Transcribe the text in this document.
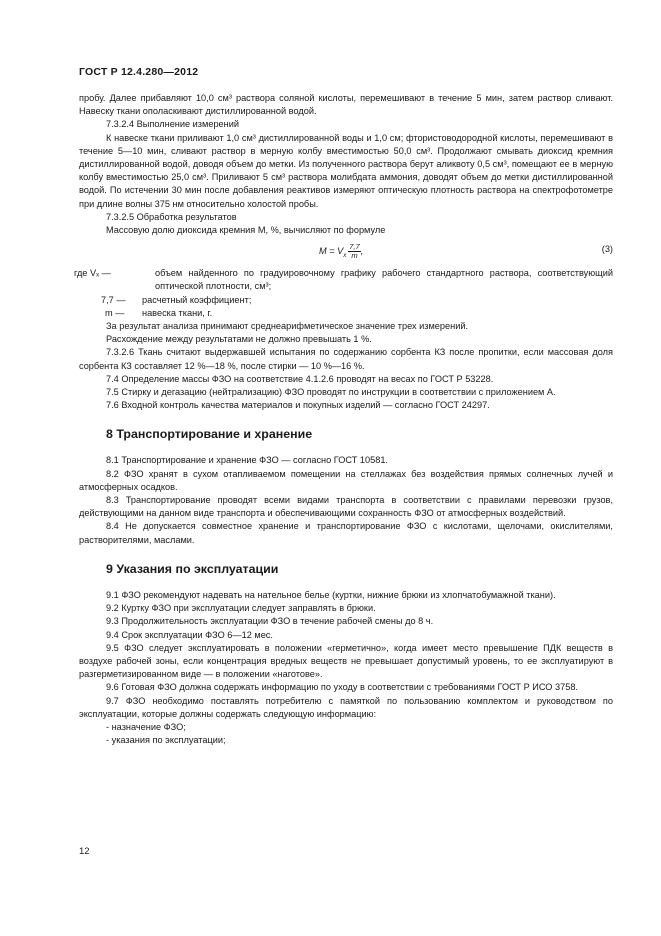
ГОСТ Р 12.4.280—2012

пробу. Далее прибавляют 10,0 см³ раствора соляной кислоты, перемешивают в течение 5 мин, затем раствор сливают. Навеску ткани ополаскивают дистиллированной водой.

7.3.2.4 Выполнение измерений

К навеске ткани приливают 1,0 см³ дистиллированной воды и 1,0 см; фтористоводородной кислоты, перемешивают в течение 5—10 мин, сливают раствор в мерную колбу вместимостью 50,0 см³. Продолжают смывать диоксид кремния дистиллированной водой, доводя объем до метки. Из полученного раствора берут аликвоту 0,5 см³, помещают ее в мерную колбу вместимостью 25,0 см³. Приливают 5 см³ раствора молибдата аммония, доводят объем до метки дистиллированной водой. По истечении 30 мин после добавления реактивов измеряют оптическую плотность раствора на спектрофотометре при длине волны 375 нм относительно холостой пробы.

7.3.2.5 Обработка результатов

Массовую долю диоксида кремния M, %, вычисляют по формуле

$M = V_x \frac{7,7}{m}$ ,	(3)
где Vₓ —	объем найденного по градуировочному графику рабочего стандартного раствора, соответствующий оптической плотности, см³;
7,7 —	расчетный коэффициент;
m —	навеска ткани, г.

За результат анализа принимают среднеарифметическое значение трех измерений.

Расхождение между результатами не должно превышать 1 %.

7.3.2.6 Ткань считают выдержавшей испытания по содержанию сорбента КЗ после пропитки, если массовая доля сорбента КЗ составляет 12 %—18 %, после стирки — 10 %—16 %.

7.4 Определение массы ФЗО на соответствие 4.1.2.6 проводят на весах по ГОСТ Р 53228.

7.5 Стирку и дегазацию (нейтрализацию) ФЗО проводят по инструкции в соответствии с приложением А.

7.6 Входной контроль качества материалов и покупных изделий — согласно ГОСТ 24297.

8 Транспортирование и хранение

8.1 Транспортирование и хранение ФЗО — согласно ГОСТ 10581.

8.2 ФЗО хранят в сухом отапливаемом помещении на стеллажах без воздействия прямых солнечных лучей и атмосферных осадков.

8.3 Транспортирование проводят всеми видами транспорта в соответствии с правилами перевозки грузов, действующими на данном виде транспорта и обеспечивающими сохранность ФЗО от атмосферных воздействий.

8.4 Не допускается совместное хранение и транспортирование ФЗО с кислотами, щелочами, окислителями, растворителями, маслами.

9 Указания по эксплуатации

9.1 ФЗО рекомендуют надевать на нательное белье (куртки, нижние брюки из хлопчатобумажной ткани).

9.2 Куртку ФЗО при эксплуатации следует заправлять в брюки.

9.3 Продолжительность эксплуатации ФЗО в течение рабочей смены до 8 ч.

9.4 Срок эксплуатации ФЗО 6—12 мес.

9.5 ФЗО следует эксплуатировать в положении «герметично», когда имеет место превышение ПДК веществ в воздухе рабочей зоны, если концентрация вредных веществ не превышает допустимый уровень, то ее эксплуатируют в разгерметизированном виде — в положении «наготове».

9.6 Готовая ФЗО должна содержать информацию по уходу в соответствии с требованиями ГОСТ Р ИСО 3758.

9.7 ФЗО необходимо поставлять потребителю с памяткой по пользованию комплектом и руководством по эксплуатации, которые должны содержать следующую информацию:

- назначение ФЗО;

- указания по эксплуатации;

12
